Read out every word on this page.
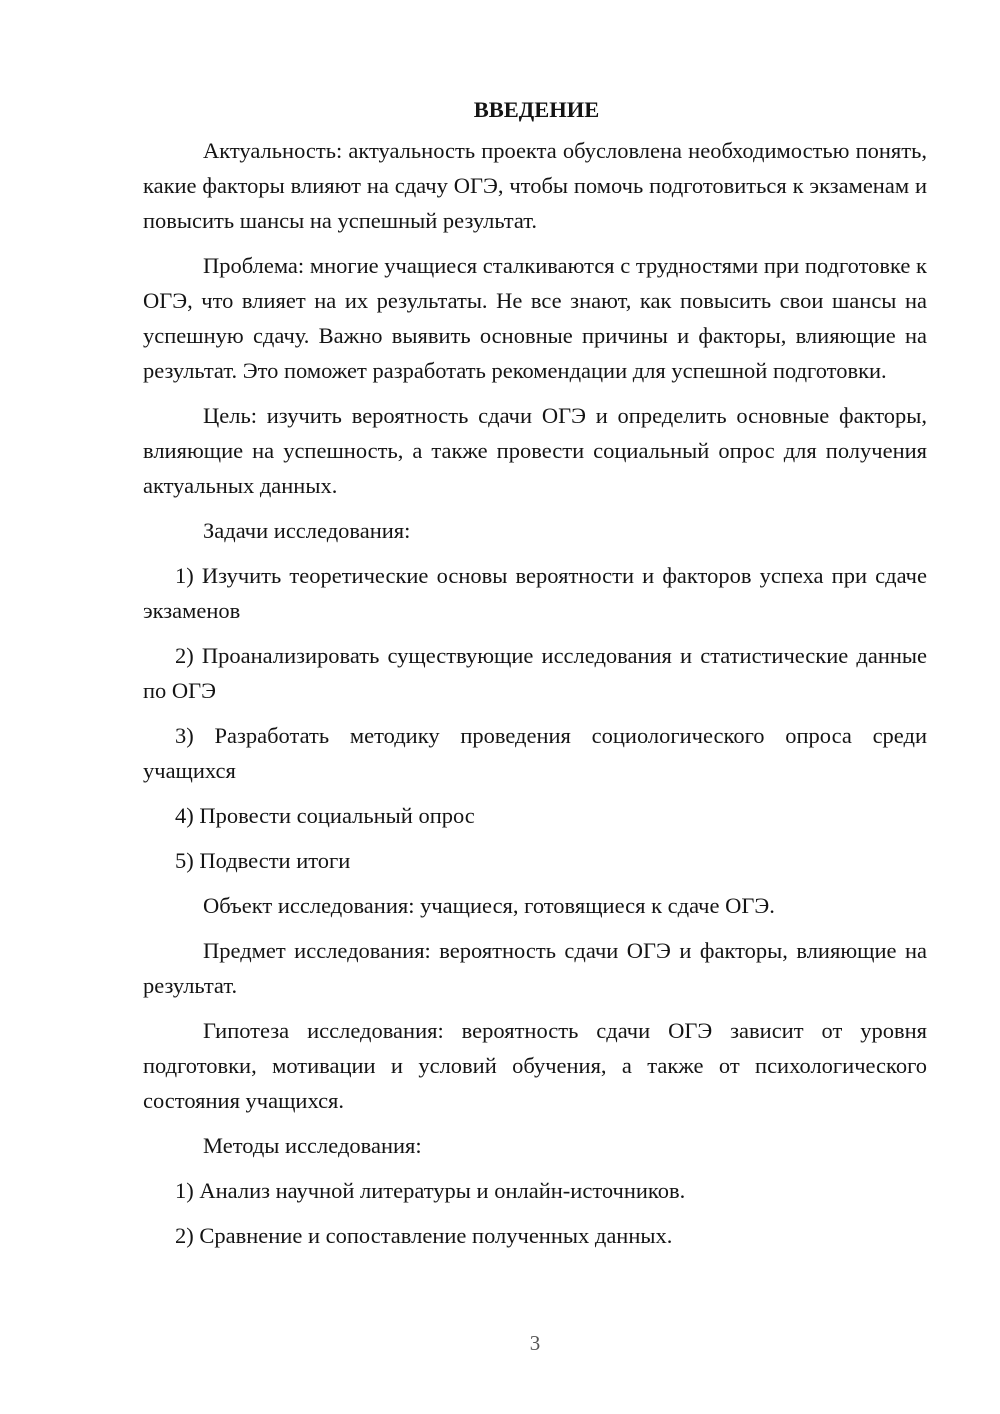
ВВЕДЕНИЕ

Актуальность: актуальность проекта обусловлена необходимостью понять, какие факторы влияют на сдачу ОГЭ, чтобы помочь подготовиться к экзаменам и повысить шансы на успешный результат.

Проблема: многие учащиеся сталкиваются с трудностями при подготовке к ОГЭ, что влияет на их результаты. Не все знают, как повысить свои шансы на успешную сдачу. Важно выявить основные причины и факторы, влияющие на результат. Это поможет разработать рекомендации для успешной подготовки.

Цель: изучить вероятность сдачи ОГЭ и определить основные факторы, влияющие на успешность, а также провести социальный опрос для получения актуальных данных.

Задачи исследования:

1) Изучить теоретические основы вероятности и факторов успеха при сдаче экзаменов

2) Проанализировать существующие исследования и статистические данные по ОГЭ

3) Разработать методику проведения социологического опроса среди учащихся

4) Провести социальный опрос

5) Подвести итоги

Объект исследования: учащиеся, готовящиеся к сдаче ОГЭ.

Предмет исследования: вероятность сдачи ОГЭ и факторы, влияющие на результат.

Гипотеза исследования: вероятность сдачи ОГЭ зависит от уровня подготовки, мотивации и условий обучения, а также от психологического состояния учащихся.

Методы исследования:

1) Анализ научной литературы и онлайн-источников.

2) Сравнение и сопоставление полученных данных.

3
